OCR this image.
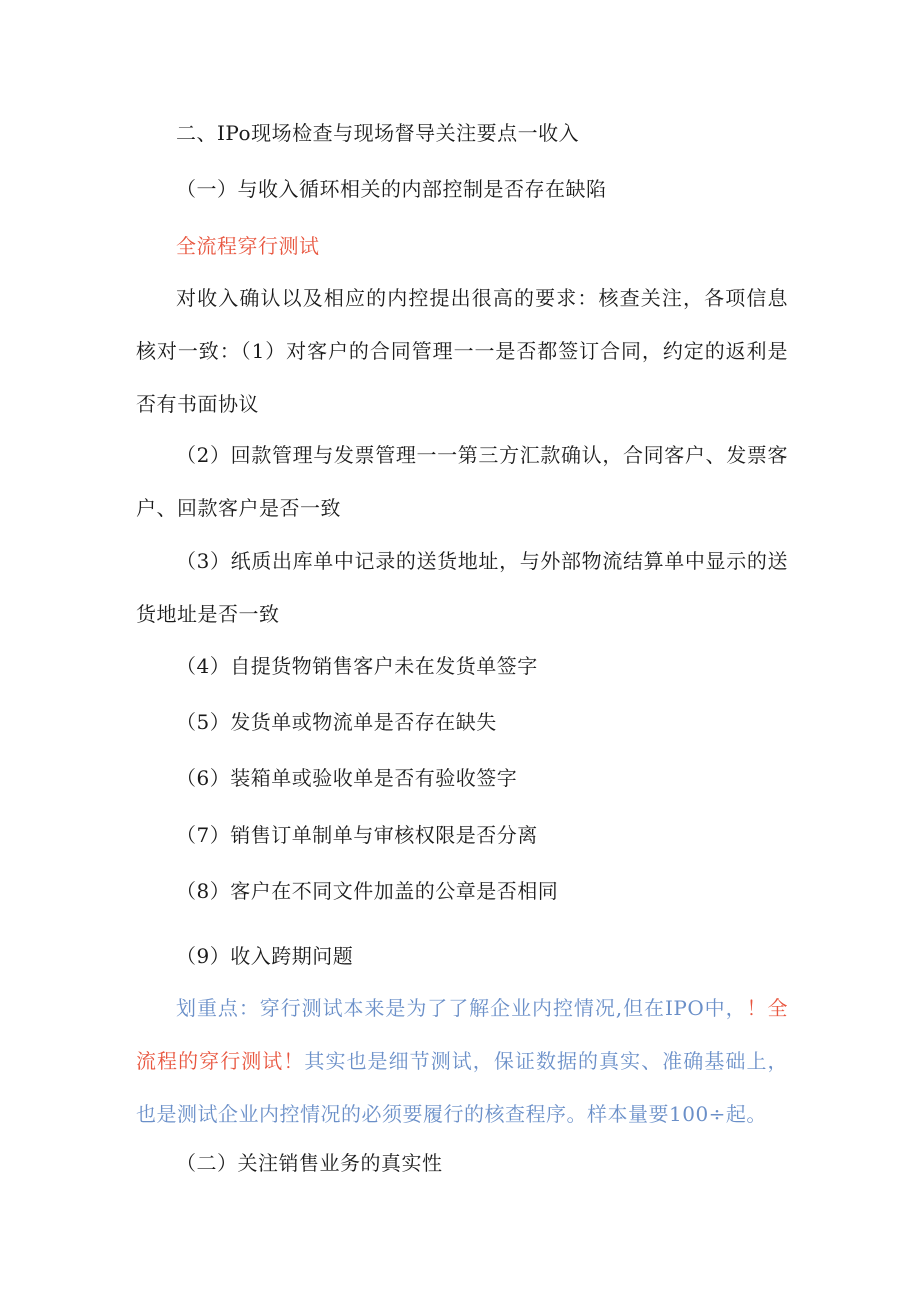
二、IPo现场检查与现场督导关注要点一收入
（一）与收入循环相关的内部控制是否存在缺陷
全流程穿行测试
对收入确认以及相应的内控提出很高的要求：核查关注，各项信息核对一致：（1）对客户的合同管理一一是否都签订合同，约定的返利是否有书面协议
（2）回款管理与发票管理一一第三方汇款确认，合同客户、发票客户、回款客户是否一致
（3）纸质出库单中记录的送货地址，与外部物流结算单中显示的送货地址是否一致
（4）自提货物销售客户未在发货单签字
（5）发货单或物流单是否存在缺失
（6）装箱单或验收单是否有验收签字
（7）销售订单制单与审核权限是否分离
（8）客户在不同文件加盖的公章是否相同
（9）收入跨期问题
划重点：穿行测试本来是为了了解企业内控情况,但在IPO中，！全流程的穿行测试！其实也是细节测试，保证数据的真实、准确基础上，也是测试企业内控情况的必须要履行的核查程序。样本量要100÷起。
（二）关注销售业务的真实性
